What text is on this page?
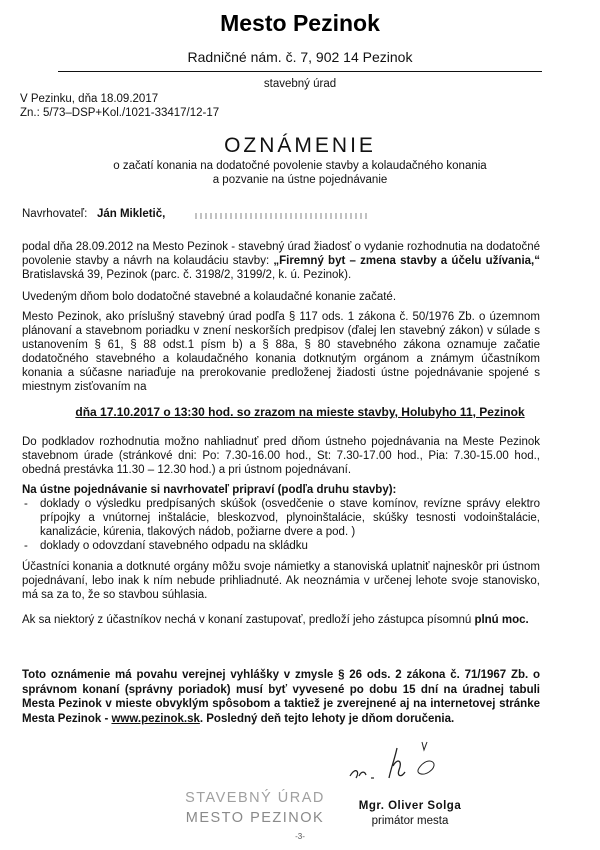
Mesto Pezinok
Radničné nám. č. 7, 902 14 Pezinok
stavebný úrad
V Pezinku, dňa 18.09.2017
Zn.: 5/73–DSP+Kol./1021-33417/12-17
OZNÁMENIE
o začatí konania na dodatočné povolenie stavby a kolaudačného konania
a pozvanie na ústne pojednávanie
Navrhovateľ: Ján Mikletič,
podal dňa 28.09.2012 na Mesto Pezinok - stavebný úrad žiadosť o vydanie rozhodnutia na dodatočné povolenie stavby a návrh na kolaudáciu stavby: „Firemný byt – zmena stavby a účelu užívania,“ Bratislavská 39, Pezinok (parc. č. 3198/2, 3199/2, k. ú. Pezinok).
Uvedeným dňom bolo dodatočné stavebné a kolaudačné konanie začaté.
Mesto Pezinok, ako príslušný stavebný úrad podľa § 117 ods. 1 zákona č. 50/1976 Zb. o územnom plánovaní a stavebnom poriadku v znení neskorších predpisov (ďalej len stavebný zákon) v súlade s ustanovením § 61, § 88 odst.1 písm b) a § 88a, § 80 stavebného zákona oznamuje začatie dodatočného stavebného a kolaudačného konania dotknutým orgánom a známym účastníkom konania a súčasne nariaďuje na prerokovanie predloženej žiadosti ústne pojednávanie spojené s miestnym zisťovaním na
dňa 17.10.2017 o 13:30 hod. so zrazom na mieste stavby, Holubyho 11, Pezinok
Do podkladov rozhodnutia možno nahliadnuť pred dňom ústneho pojednávania na Meste Pezinok stavebnom úrade (stránkové dni: Po: 7.30-16.00 hod., St: 7.30-17.00 hod., Pia: 7.30-15.00 hod., obedná prestávka 11.30 – 12.30 hod.) a pri ústnom pojednávaní.
Na ústne pojednávanie si navrhovateľ pripraví (podľa druhu stavby):
- doklady o výsledku predpísaných skúšok (osvedčenie o stave komínov, revízne správy elektro prípojky a vnútornej inštalácie, bleskozvod, plynoinštalácie, skúšky tesnosti vodoinštalácie, kanalizácie, kúrenia, tlakových nádob, požiarne dvere a pod. )
- doklady o odovzdaní stavebného odpadu na skládku
Účastníci konania a dotknuté orgány môžu svoje námietky a stanoviská uplatniť najneskôr pri ústnom pojednávaní, lebo inak k ním nebude prihliadnuté. Ak neoznámia v určenej lehote svoje stanovisko, má sa za to, že so stavbou súhlasia.
Ak sa niektorý z účastníkov nechá v konaní zastupovať, predloží jeho zástupca písomnú plnú moc.
Toto oznámenie má povahu verejnej vyhlášky v zmysle § 26 ods. 2 zákona č. 71/1967 Zb. o správnom konaní (správny poriadok) musí byť vyvesené po dobu 15 dní na úradnej tabuli Mesta Pezinok v mieste obvyklým spôsobom a taktiež je zverejnené aj na internetovej stránke Mesta Pezinok - www.pezinok.sk. Posledný deň tejto lehoty je dňom doručenia.
STAVEBNÝ ÚRAD
MESTO PEZINOK
Mgr. Oliver Solga
primátor mesta
-3-
